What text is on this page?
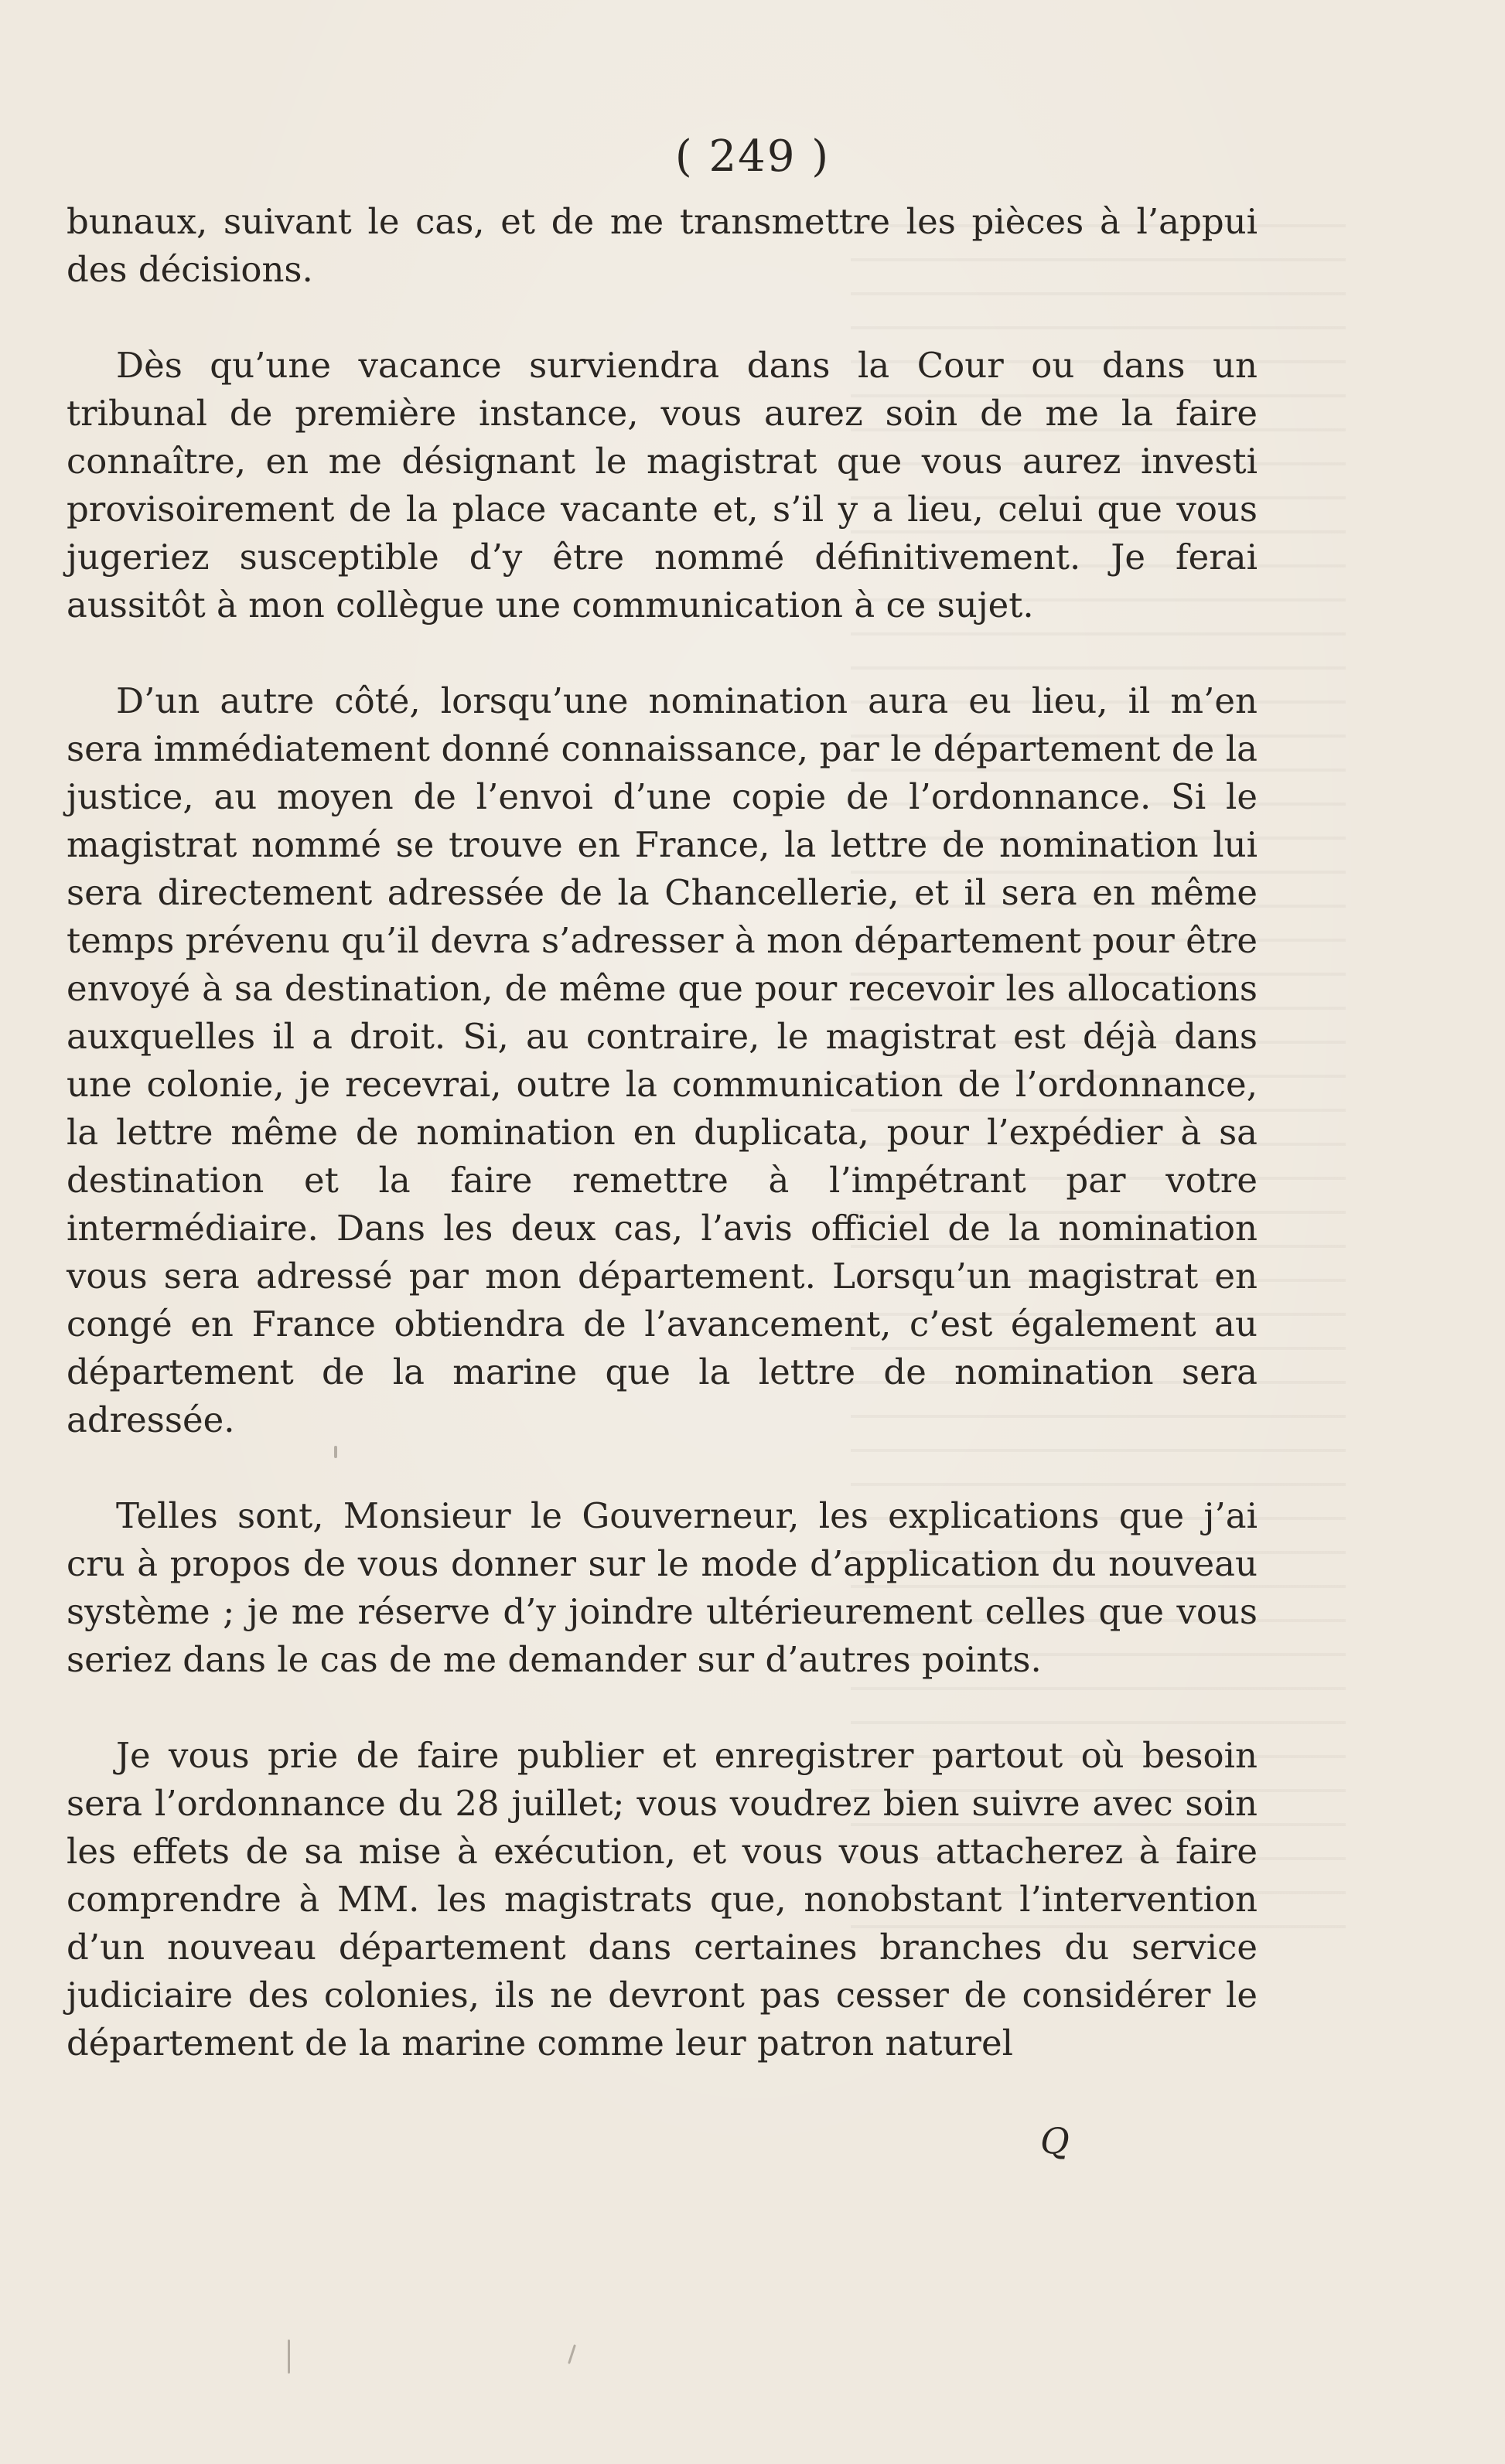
( 249 )

bunaux, suivant le cas, et de me transmettre les pièces à l’appui des décisions.

Dès qu’une vacance surviendra dans la Cour ou dans un tribunal de première instance, vous aurez soin de me la faire connaître, en me désignant le magistrat que vous aurez investi provisoirement de la place vacante et, s’il y a lieu, celui que vous jugeriez susceptible d’y être nommé définitivement. Je ferai aussitôt à mon collègue une communication à ce sujet.

D’un autre côté, lorsqu’une nomination aura eu lieu, il m’en sera immédiatement donné connaissance, par le département de la justice, au moyen de l’envoi d’une copie de l’ordonnance. Si le magistrat nommé se trouve en France, la lettre de nomination lui sera directement adressée de la Chancellerie, et il sera en même temps prévenu qu’il devra s’adresser à mon département pour être envoyé à sa destination, de même que pour recevoir les allocations auxquelles il a droit. Si, au contraire, le magistrat est déjà dans une colonie, je recevrai, outre la communication de l’ordonnance, la lettre même de nomination en duplicata, pour l’expédier à sa destination et la faire remettre à l’impétrant par votre intermédiaire. Dans les deux cas, l’avis officiel de la nomination vous sera adressé par mon département. Lorsqu’un magistrat en congé en France obtiendra de l’avancement, c’est également au département de la marine que la lettre de nomination sera adressée.

Telles sont, Monsieur le Gouverneur, les explications que j’ai cru à propos de vous donner sur le mode d’application du nouveau système ; je me réserve d’y joindre ultérieurement celles que vous seriez dans le cas de me demander sur d’autres points.

Je vous prie de faire publier et enregistrer partout où besoin sera l’ordonnance du 28 juillet; vous voudrez bien suivre avec soin les effets de sa mise à exécution, et vous vous attacherez à faire comprendre à MM. les magistrats que, nonobstant l’intervention d’un nouveau département dans certaines branches du service judiciaire des colonies, ils ne devront pas cesser de considérer le département de la marine comme leur patron naturel

Q
